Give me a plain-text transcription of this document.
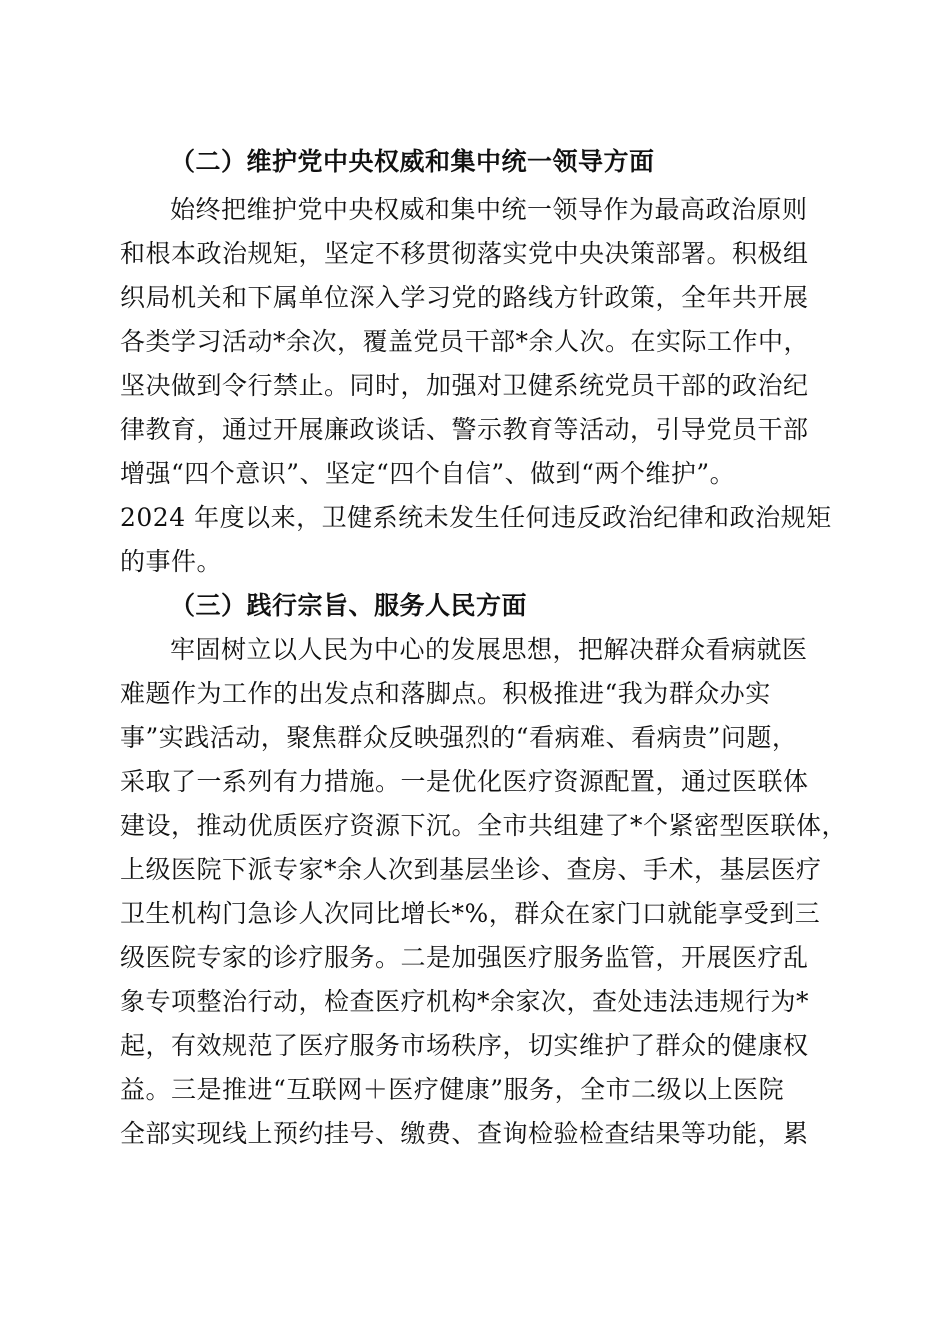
（二）维护党中央权威和集中统一领导方面
始终把维护党中央权威和集中统一领导作为最高政治原则
和根本政治规矩，坚定不移贯彻落实党中央决策部署。积极组
织局机关和下属单位深入学习党的路线方针政策，全年共开展
各类学习活动*余次，覆盖党员干部*余人次。在实际工作中，
坚决做到令行禁止。同时，加强对卫健系统党员干部的政治纪
律教育，通过开展廉政谈话、警示教育等活动，引导党员干部
增强“四个意识”、坚定“四个自信”、做到“两个维护”。
2024 年度以来，卫健系统未发生任何违反政治纪律和政治规矩
的事件。
（三）践行宗旨、服务人民方面
牢固树立以人民为中心的发展思想，把解决群众看病就医
难题作为工作的出发点和落脚点。积极推进“我为群众办实
事”实践活动，聚焦群众反映强烈的“看病难、看病贵”问题，
采取了一系列有力措施。一是优化医疗资源配置，通过医联体
建设，推动优质医疗资源下沉。全市共组建了*个紧密型医联体，
上级医院下派专家*余人次到基层坐诊、查房、手术，基层医疗
卫生机构门急诊人次同比增长*%，群众在家门口就能享受到三
级医院专家的诊疗服务。二是加强医疗服务监管，开展医疗乱
象专项整治行动，检查医疗机构*余家次，查处违法违规行为*
起，有效规范了医疗服务市场秩序，切实维护了群众的健康权
益。三是推进“互联网＋医疗健康”服务，全市二级以上医院
全部实现线上预约挂号、缴费、查询检验检查结果等功能，累
